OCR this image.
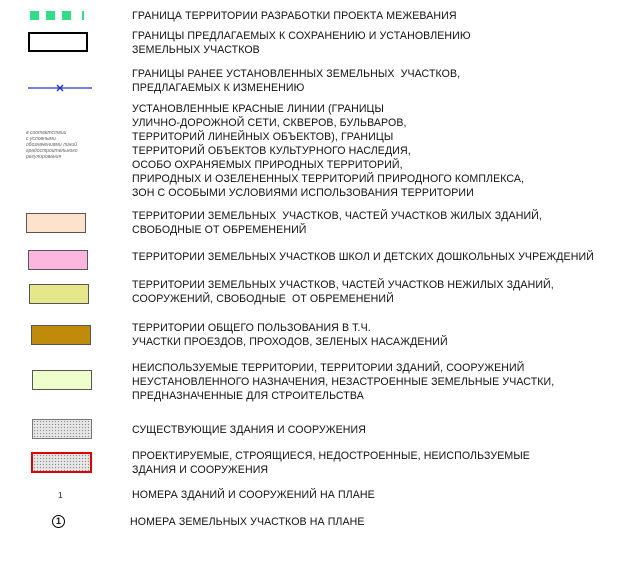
ГРАНИЦА ТЕРРИТОРИИ РАЗРАБОТКИ ПРОЕКТА МЕЖЕВАНИЯ
ГРАНИЦЫ ПРЕДЛАГАЕМЫХ К СОХРАНЕНИЮ И УСТАНОВЛЕНИЮ
ЗЕМЕЛЬНЫХ УЧАСТКОВ
ГРАНИЦЫ РАНЕЕ УСТАНОВЛЕННЫХ ЗЕМЕЛЬНЫХ  УЧАСТКОВ,
ПРЕДЛАГАЕМЫХ К ИЗМЕНЕНИЮ
в соответствии
с условными
обозначениями линий
градостроительного
регулирования
УСТАНОВЛЕННЫЕ КРАСНЫЕ ЛИНИИ (ГРАНИЦЫ
УЛИЧНО-ДОРОЖНОЙ СЕТИ, СКВЕРОВ, БУЛЬВАРОВ,
ТЕРРИТОРИЙ ЛИНЕЙНЫХ ОБЪЕКТОВ), ГРАНИЦЫ
ТЕРРИТОРИЙ ОБЪЕКТОВ КУЛЬТУРНОГО НАСЛЕДИЯ,
ОСОБО ОХРАНЯЕМЫХ ПРИРОДНЫХ ТЕРРИТОРИЙ,
ПРИРОДНЫХ И ОЗЕЛЕНЕННЫХ ТЕРРИТОРИЙ ПРИРОДНОГО КОМПЛЕКСА,
ЗОН С ОСОБЫМИ УСЛОВИЯМИ ИСПОЛЬЗОВАНИЯ ТЕРРИТОРИИ
ТЕРРИТОРИИ ЗЕМЕЛЬНЫХ  УЧАСТКОВ, ЧАСТЕЙ УЧАСТКОВ ЖИЛЫХ ЗДАНИЙ,
СВОБОДНЫЕ ОТ ОБРЕМЕНЕНИЙ
ТЕРРИТОРИИ ЗЕМЕЛЬНЫХ УЧАСТКОВ ШКОЛ И ДЕТСКИХ ДОШКОЛЬНЫХ УЧРЕЖДЕНИЙ
ТЕРРИТОРИИ ЗЕМЕЛЬНЫХ УЧАСТКОВ, ЧАСТЕЙ УЧАСТКОВ НЕЖИЛЫХ ЗДАНИЙ,
СООРУЖЕНИЙ, СВОБОДНЫЕ  ОТ ОБРЕМЕНЕНИЙ
ТЕРРИТОРИИ ОБЩЕГО ПОЛЬЗОВАНИЯ В Т.Ч.
УЧАСТКИ ПРОЕЗДОВ, ПРОХОДОВ, ЗЕЛЕНЫХ НАСАЖДЕНИЙ
НЕИСПОЛЬЗУЕМЫЕ ТЕРРИТОРИИ, ТЕРРИТОРИИ ЗДАНИЙ, СООРУЖЕНИЙ
НЕУСТАНОВЛЕННОГО НАЗНАЧЕНИЯ, НЕЗАСТРОЕННЫЕ ЗЕМЕЛЬНЫЕ УЧАСТКИ,
ПРЕДНАЗНАЧЕННЫЕ ДЛЯ СТРОИТЕЛЬСТВА
СУЩЕСТВУЮЩИЕ ЗДАНИЯ И СООРУЖЕНИЯ
ПРОЕКТИРУЕМЫЕ, СТРОЯЩИЕСЯ, НЕДОСТРОЕННЫЕ, НЕИСПОЛЬЗУЕМЫЕ
ЗДАНИЯ И СООРУЖЕНИЯ
1	НОМЕРА ЗДАНИЙ И СООРУЖЕНИЙ НА ПЛАНЕ
1	НОМЕРА ЗЕМЕЛЬНЫХ УЧАСТКОВ НА ПЛАНЕ
